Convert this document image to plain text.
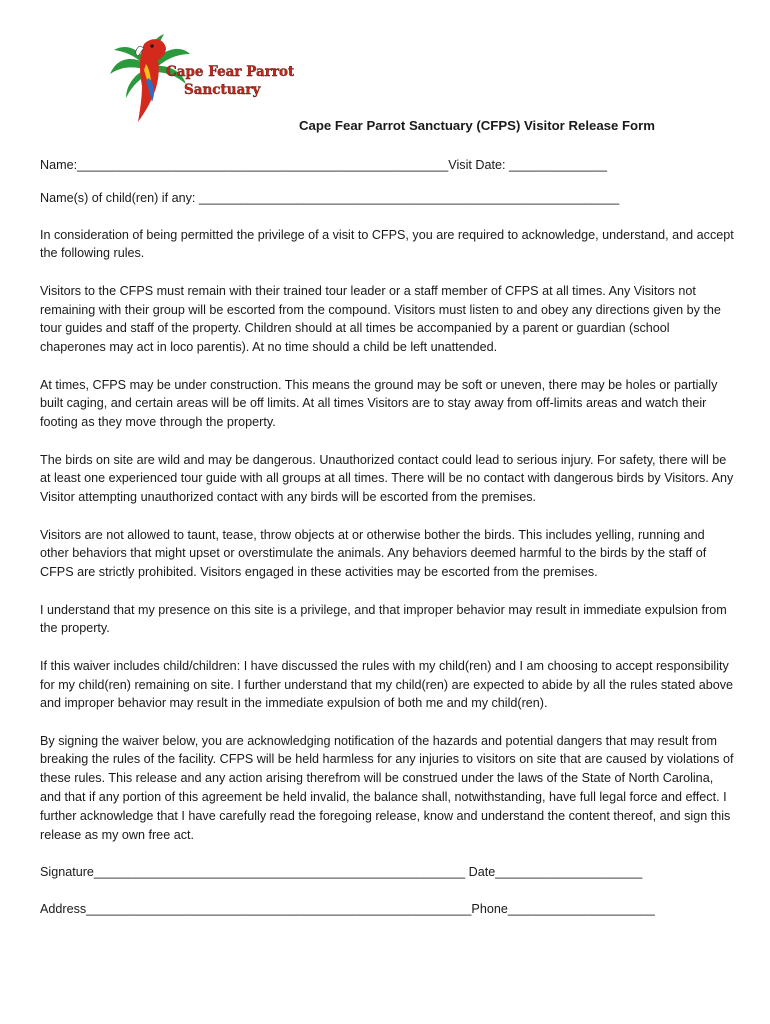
Cape Fear Parrot
Sanctuary
Cape Fear Parrot Sanctuary (CFPS) Visitor Release Form
Name:_____________________________________________________Visit Date: ______________
Name(s) of child(ren) if any: ____________________________________________________________

In consideration of being permitted the privilege of a visit to CFPS, you are required to acknowledge, understand, and accept the following rules.

Visitors to the CFPS must remain with their trained tour leader or a staff member of CFPS at all times. Any Visitors not remaining with their group will be escorted from the compound. Visitors must listen to and obey any directions given by the tour guides and staff of the property. Children should at all times be accompanied by a parent or guardian (school chaperones may act in loco parentis). At no time should a child be left unattended.

At times, CFPS may be under construction. This means the ground may be soft or uneven, there may be holes or partially built caging, and certain areas will be off limits. At all times Visitors are to stay away from off-limits areas and watch their footing as they move through the property.

The birds on site are wild and may be dangerous. Unauthorized contact could lead to serious injury. For safety, there will be at least one experienced tour guide with all groups at all times. There will be no contact with dangerous birds by Visitors. Any Visitor attempting unauthorized contact with any birds will be escorted from the premises.

Visitors are not allowed to taunt, tease, throw objects at or otherwise bother the birds. This includes yelling, running and other behaviors that might upset or overstimulate the animals. Any behaviors deemed harmful to the birds by the staff of CFPS are strictly prohibited. Visitors engaged in these activities may be escorted from the premises.

I understand that my presence on this site is a privilege, and that improper behavior may result in immediate expulsion from the property.

If this waiver includes child/children: I have discussed the rules with my child(ren) and I am choosing to accept responsibility for my child(ren) remaining on site. I further understand that my child(ren) are expected to abide by all the rules stated above and improper behavior may result in the immediate expulsion of both me and my child(ren).

By signing the waiver below, you are acknowledging notification of the hazards and potential dangers that may result from breaking the rules of the facility. CFPS will be held harmless for any injuries to visitors on site that are caused by violations of these rules. This release and any action arising therefrom will be construed under the laws of the State of North Carolina, and that if any portion of this agreement be held invalid, the balance shall, notwithstanding, have full legal force and effect. I further acknowledge that I have carefully read the foregoing release, know and understand the content thereof, and sign this release as my own free act.

Signature_____________________________________________________ Date_____________________
Address_______________________________________________________Phone_____________________
